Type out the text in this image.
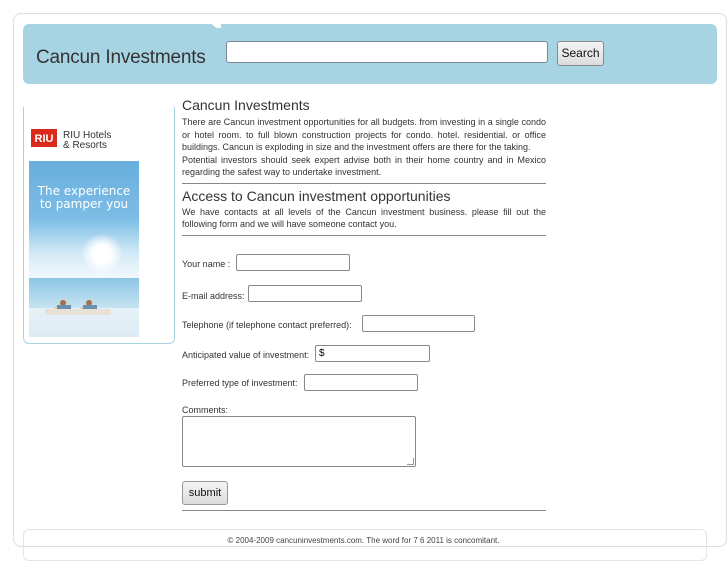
Cancun Investments	Search
RIU RIU Hotels
& Resorts
The experience
to pamper you
Cancun Investments

There are Cancun investment opportunities for all budgets. from investing in a single condo or hotel room. to full blown construction projects for condo. hotel. residential. or office buildings. Cancun is exploding in size and the investment offers are there for the taking.

Potential investors should seek expert advise both in their home country and in Mexico regarding the safest way to undertake investment.

Access to Cancun investment opportunities

We have contacts at all levels of the Cancun investment business. please fill out the following form and we will have someone contact you.

Your name :
E-mail address:
Telephone (if telephone contact preferred):
Anticipated value of investment:
$
Preferred type of investment:
Comments:
submit
© 2004-2009 cancuninvestments.com. The word for 7 6 2011 is concomitant.
